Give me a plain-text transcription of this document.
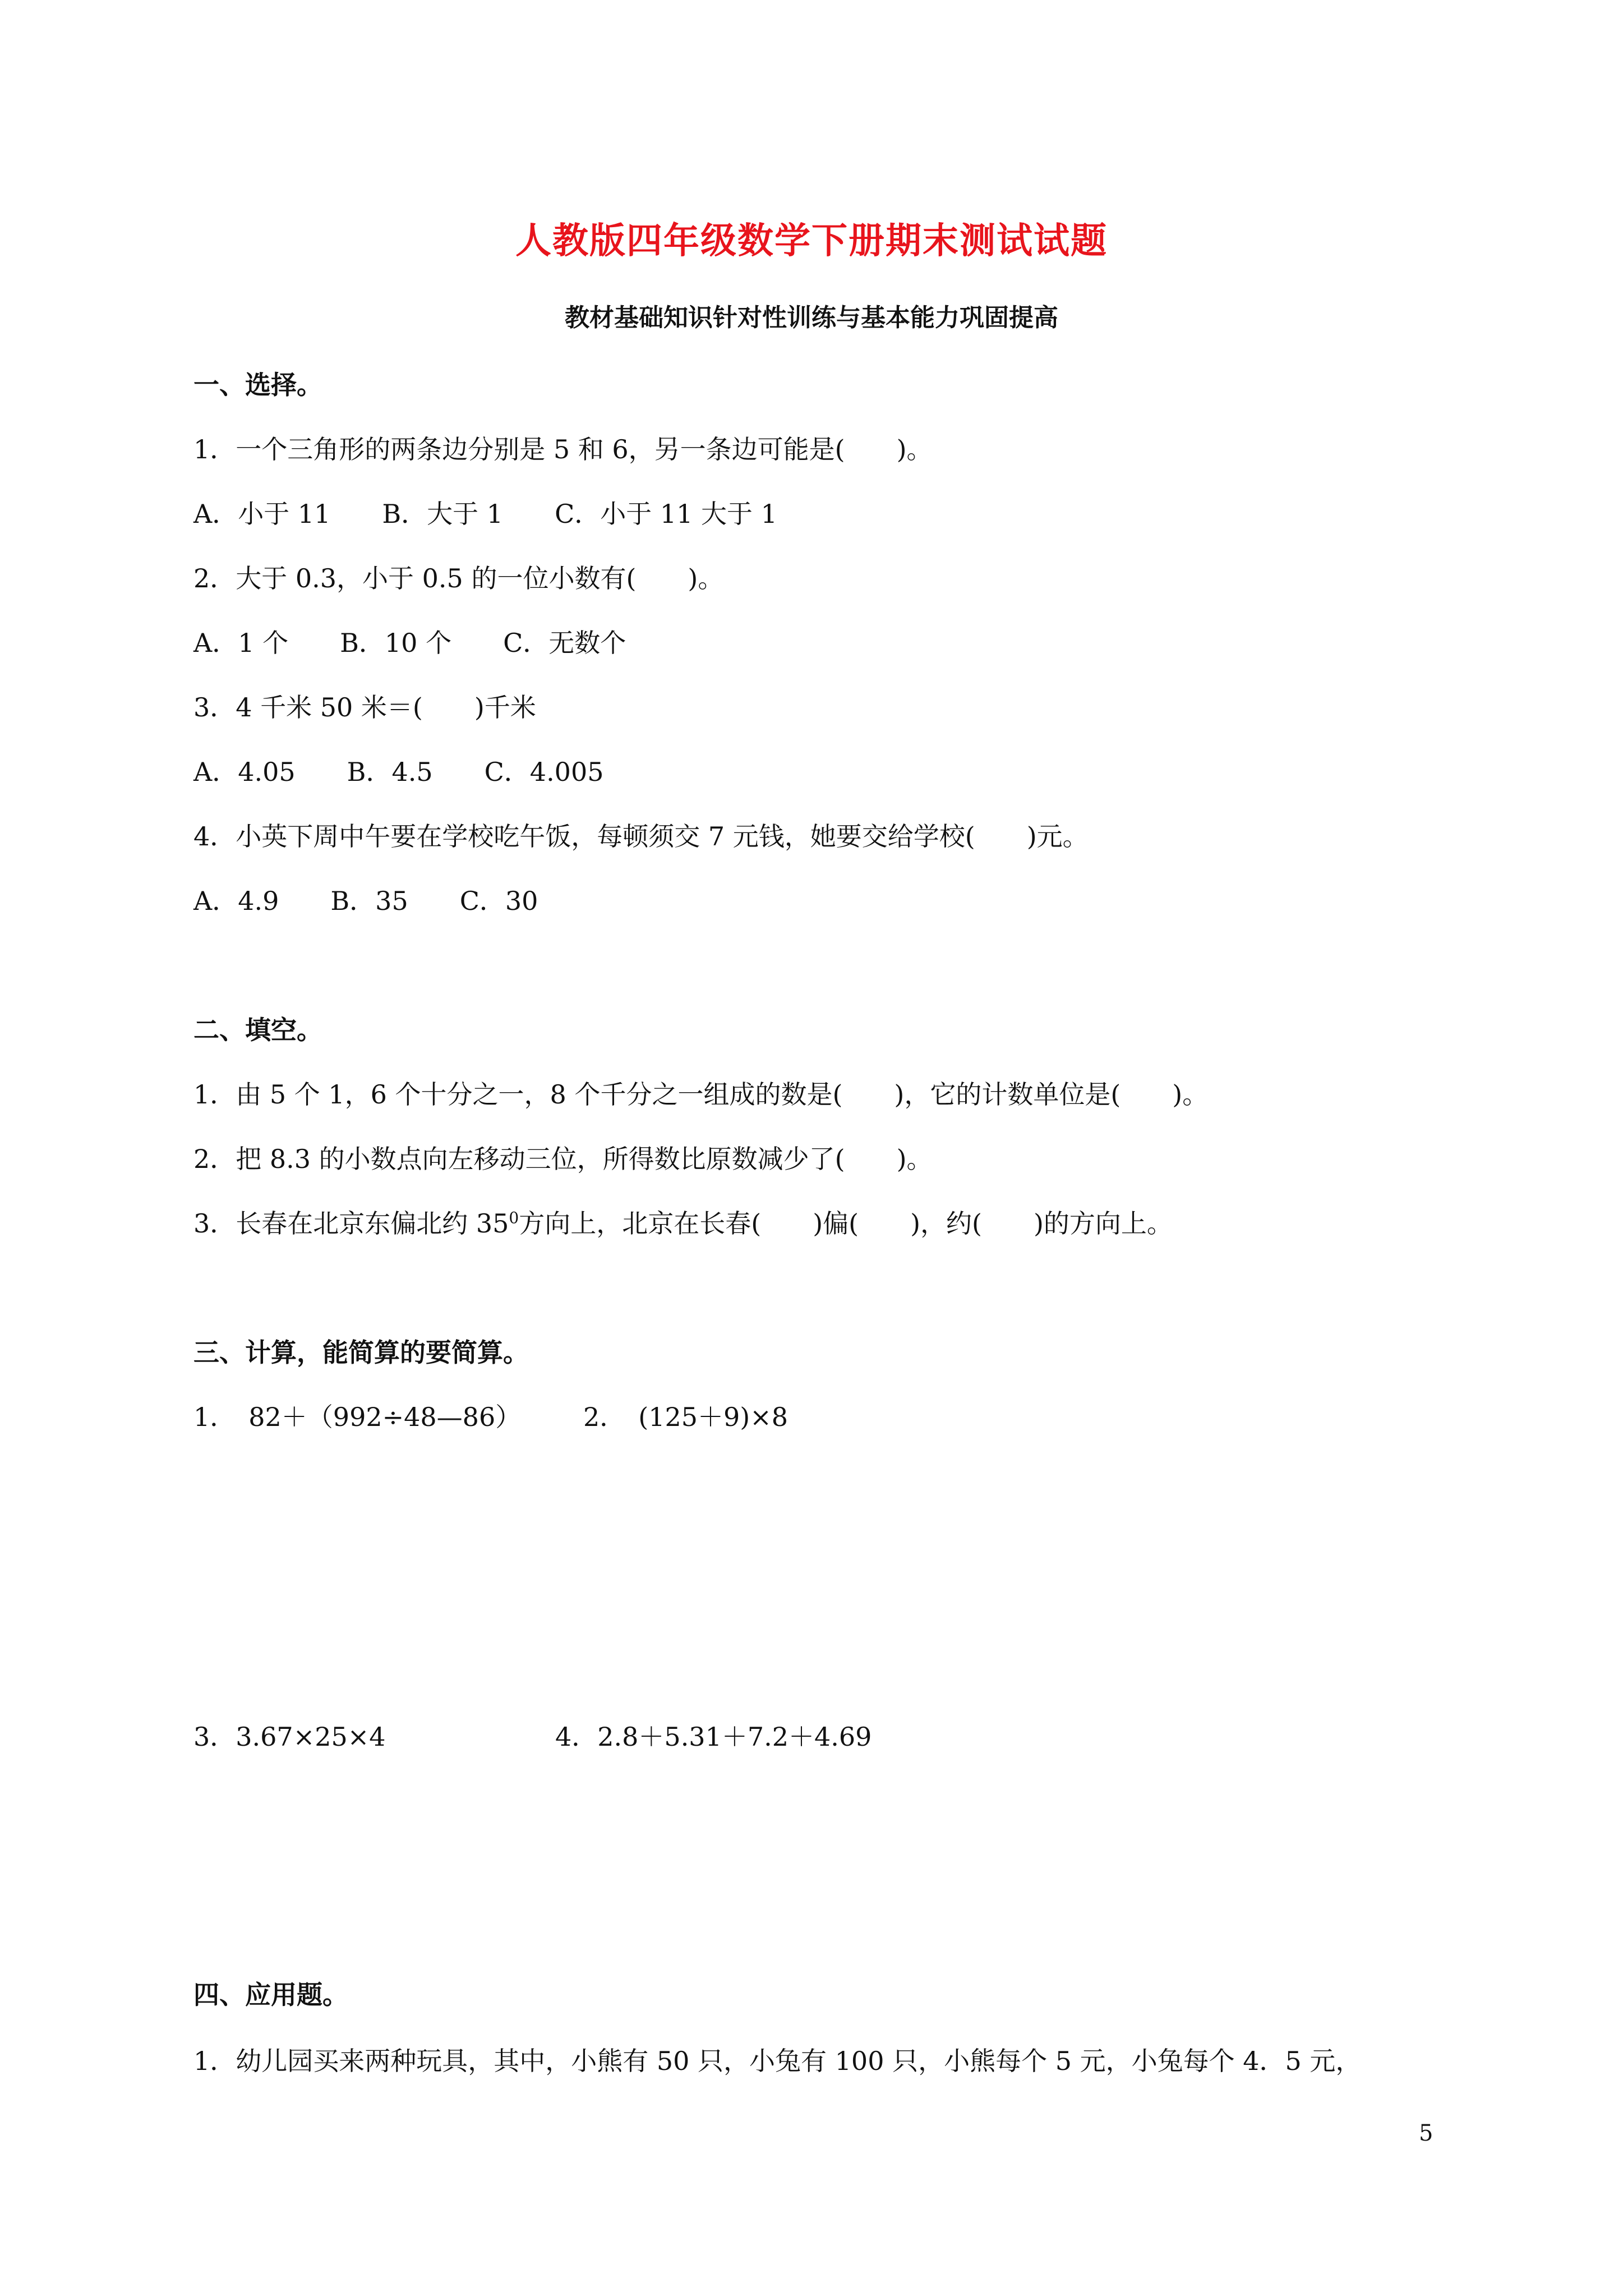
人教版四年级数学下册期末测试试题
教材基础知识针对性训练与基本能力巩固提高
一、选择。
1．一个三角形的两条边分别是 5 和 6，另一条边可能是(　　)。
A．小于 11　　B．大于 1　　C．小于 11 大于 1
2．大于 0.3，小于 0.5 的一位小数有(　　)。
A．1 个　　B．10 个　　C．无数个
3．4 千米 50 米＝(　　)千米
A．4.05　　B．4.5　　C．4.005
4．小英下周中午要在学校吃午饭，每顿须交 7 元钱，她要交给学校(　　)元。
A．4.9　　B．35　　C．30
二、填空。
1．由 5 个 1，6 个十分之一，8 个千分之一组成的数是(　　)，它的计数单位是(　　)。
2．把 8.3 的小数点向左移动三位，所得数比原数减少了(　　)。
3．长春在北京东偏北约 $35^0$方向上，北京在长春(　　)偏(　　)，约(　　)的方向上。
三、计算，能简算的要简算。
1．　82＋（992÷48—86） 2．　(125＋9)×8
3．3.67×25×4	4．2.8＋5.31＋7.2＋4.69
四、应用题。
1．幼儿园买来两种玩具，其中，小熊有 50 只，小兔有 100 只，小熊每个 5 元，小兔每个 4．5 元，
5
